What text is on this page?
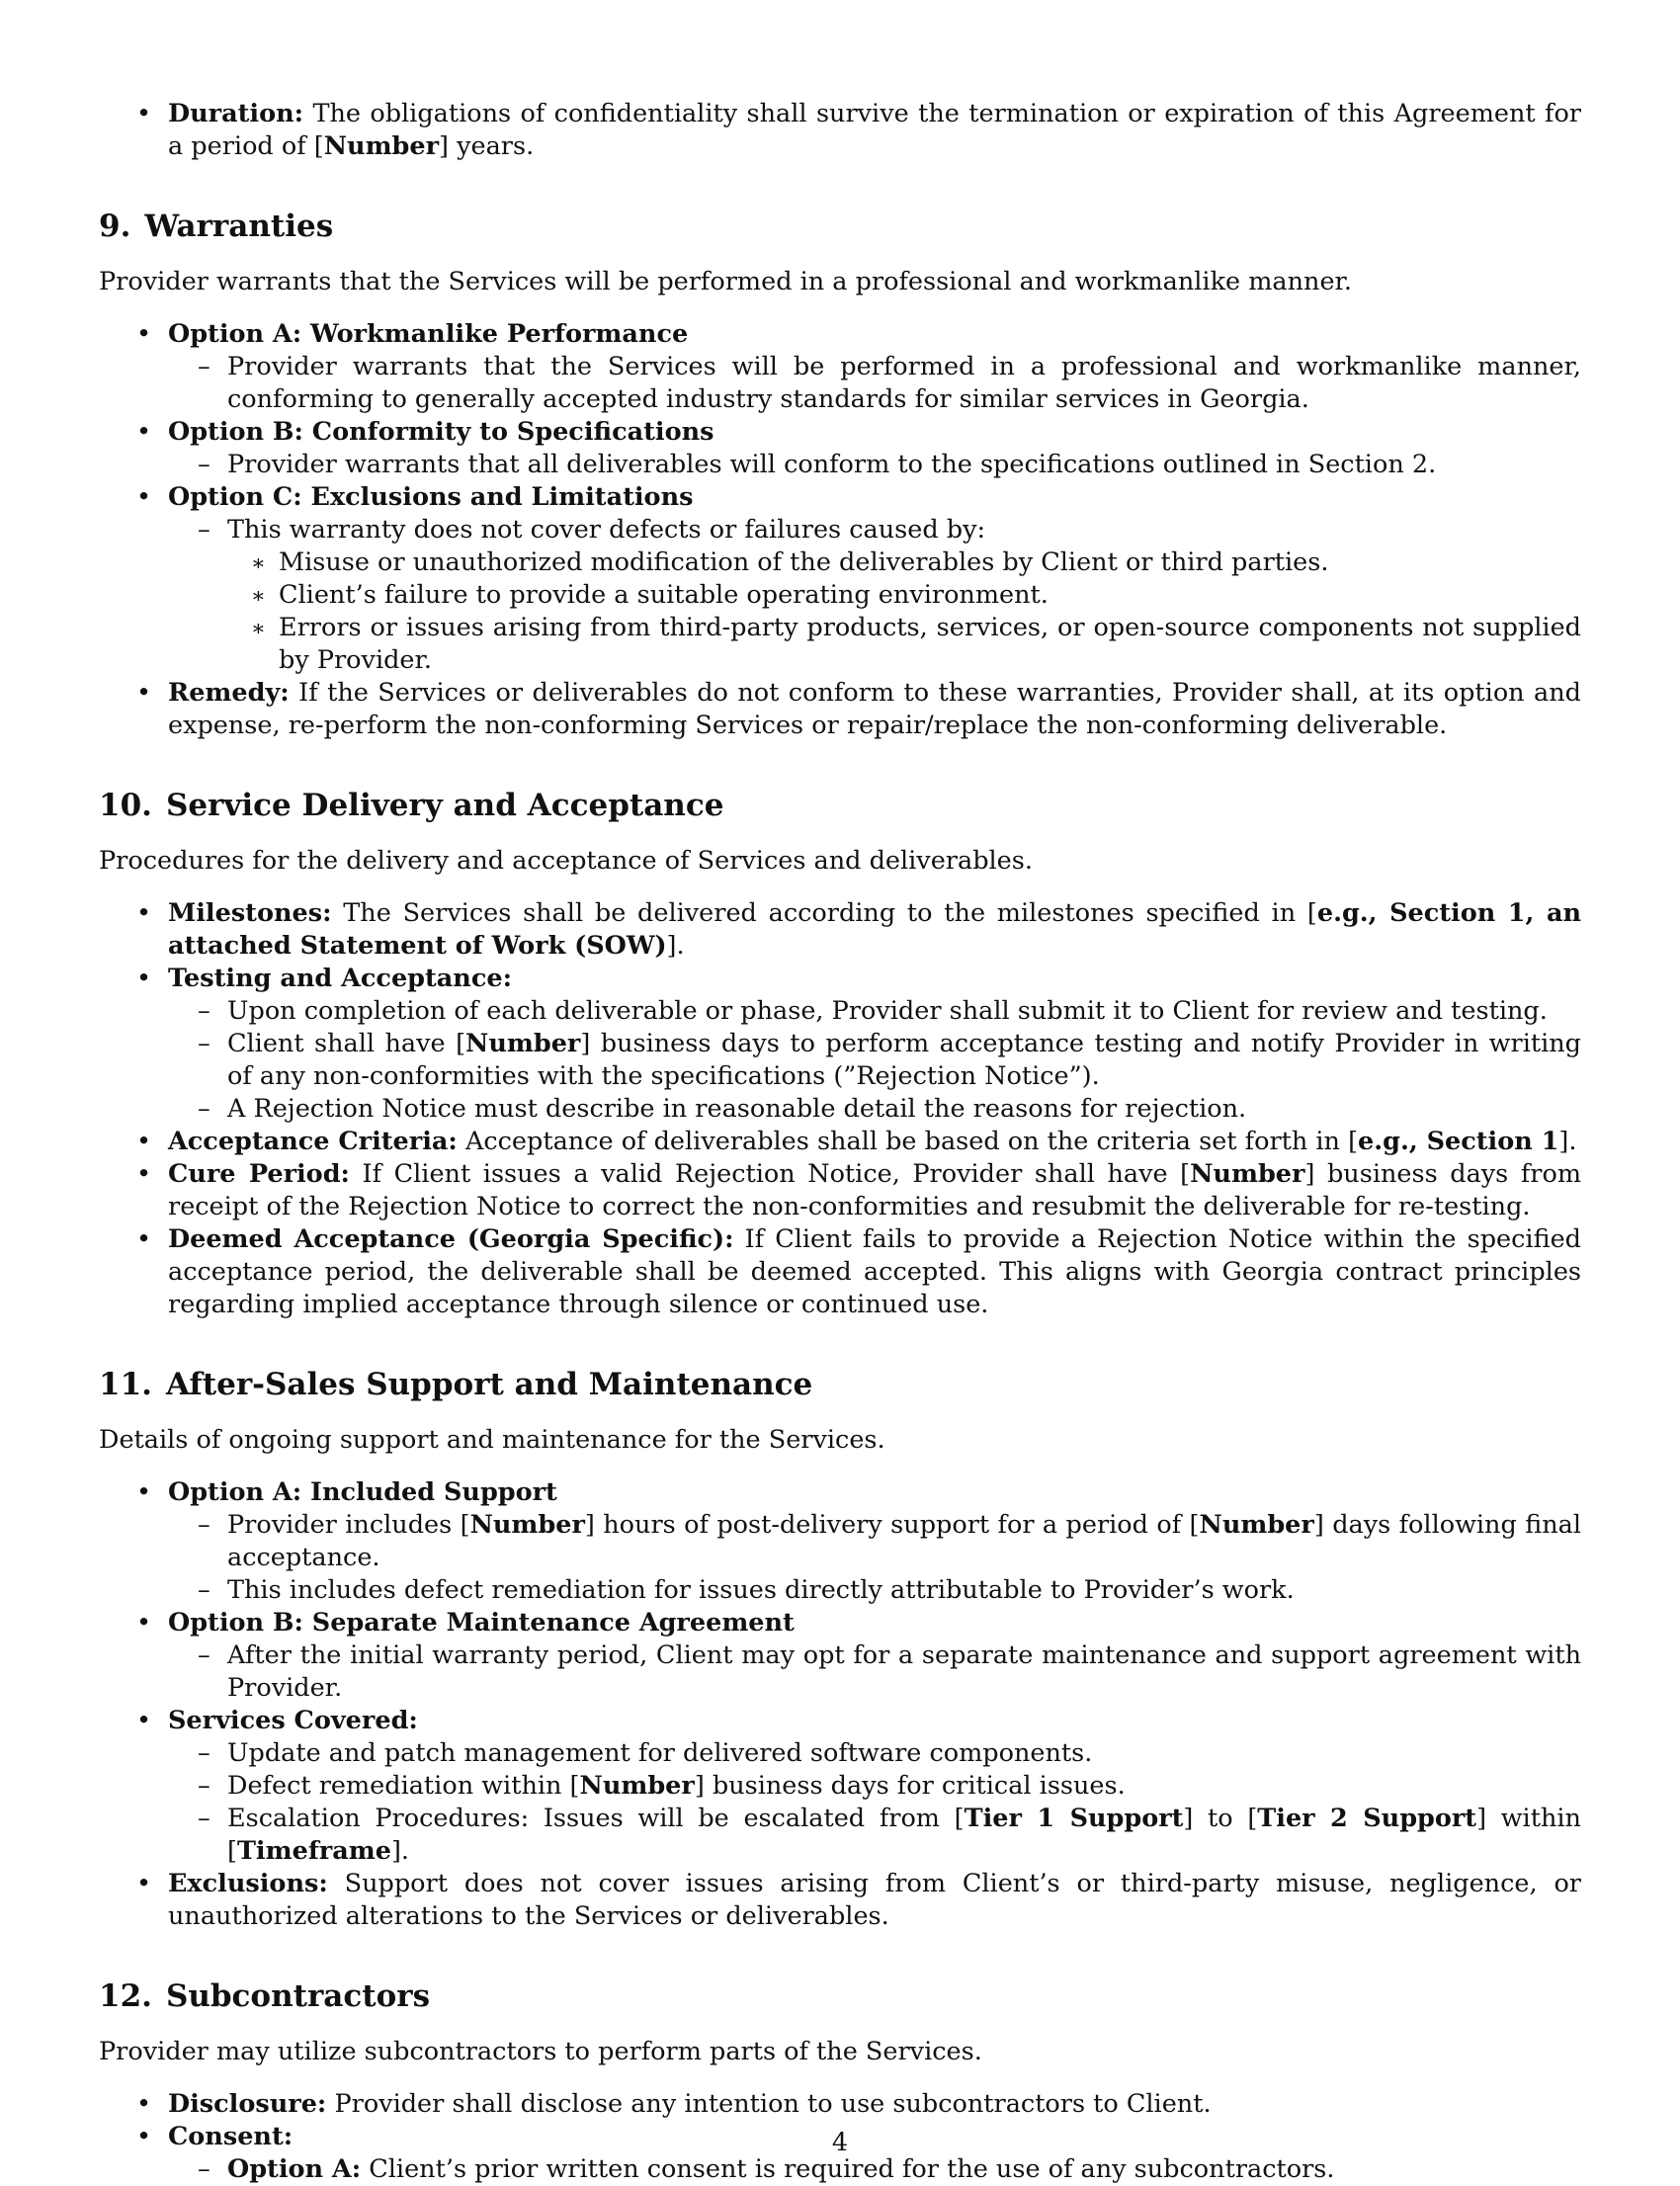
• Duration: The obligations of confidentiality shall survive the termination or expiration of this Agreement for a period of [Number] years.
9. Warranties

Provider warrants that the Services will be performed in a professional and workmanlike manner.

• Option A: Workmanlike Performance
– Provider warrants that the Services will be performed in a professional and workmanlike manner, conforming to generally accepted industry standards for similar services in Georgia.
• Option B: Conformity to Specifications
– Provider warrants that all deliverables will conform to the specifications outlined in Section 2.
• Option C: Exclusions and Limitations
– This warranty does not cover defects or failures caused by:
∗ Misuse or unauthorized modification of the deliverables by Client or third parties.
∗ Client’s failure to provide a suitable operating environment.
∗ Errors or issues arising from third-party products, services, or open-source components not supplied by Provider.
• Remedy: If the Services or deliverables do not conform to these warranties, Provider shall, at its option and expense, re-perform the non-conforming Services or repair/replace the non-conforming deliverable.
10. Service Delivery and Acceptance

Procedures for the delivery and acceptance of Services and deliverables.

• Milestones: The Services shall be delivered according to the milestones specified in [e.g., Section 1, an attached Statement of Work (SOW)].
• Testing and Acceptance:
– Upon completion of each deliverable or phase, Provider shall submit it to Client for review and testing.
– Client shall have [Number] business days to perform acceptance testing and notify Provider in writing of any non-conformities with the specifications (”Rejection Notice”).
– A Rejection Notice must describe in reasonable detail the reasons for rejection.
• Acceptance Criteria: Acceptance of deliverables shall be based on the criteria set forth in [e.g., Section 1].
• Cure Period: If Client issues a valid Rejection Notice, Provider shall have [Number] business days from receipt of the Rejection Notice to correct the non-conformities and resubmit the deliverable for re-testing.
• Deemed Acceptance (Georgia Specific): If Client fails to provide a Rejection Notice within the specified acceptance period, the deliverable shall be deemed accepted. This aligns with Georgia contract principles regarding implied acceptance through silence or continued use.
11. After-Sales Support and Maintenance

Details of ongoing support and maintenance for the Services.

• Option A: Included Support
– Provider includes [Number] hours of post-delivery support for a period of [Number] days following final acceptance.
– This includes defect remediation for issues directly attributable to Provider’s work.
• Option B: Separate Maintenance Agreement
– After the initial warranty period, Client may opt for a separate maintenance and support agreement with Provider.
• Services Covered:
– Update and patch management for delivered software components.
– Defect remediation within [Number] business days for critical issues.
– Escalation Procedures: Issues will be escalated from [Tier 1 Support] to [Tier 2 Support] within [Timeframe].
• Exclusions: Support does not cover issues arising from Client’s or third-party misuse, negligence, or unauthorized alterations to the Services or deliverables.
12. Subcontractors

Provider may utilize subcontractors to perform parts of the Services.

• Disclosure: Provider shall disclose any intention to use subcontractors to Client.
• Consent:
– Option A: Client’s prior written consent is required for the use of any subcontractors.
4
